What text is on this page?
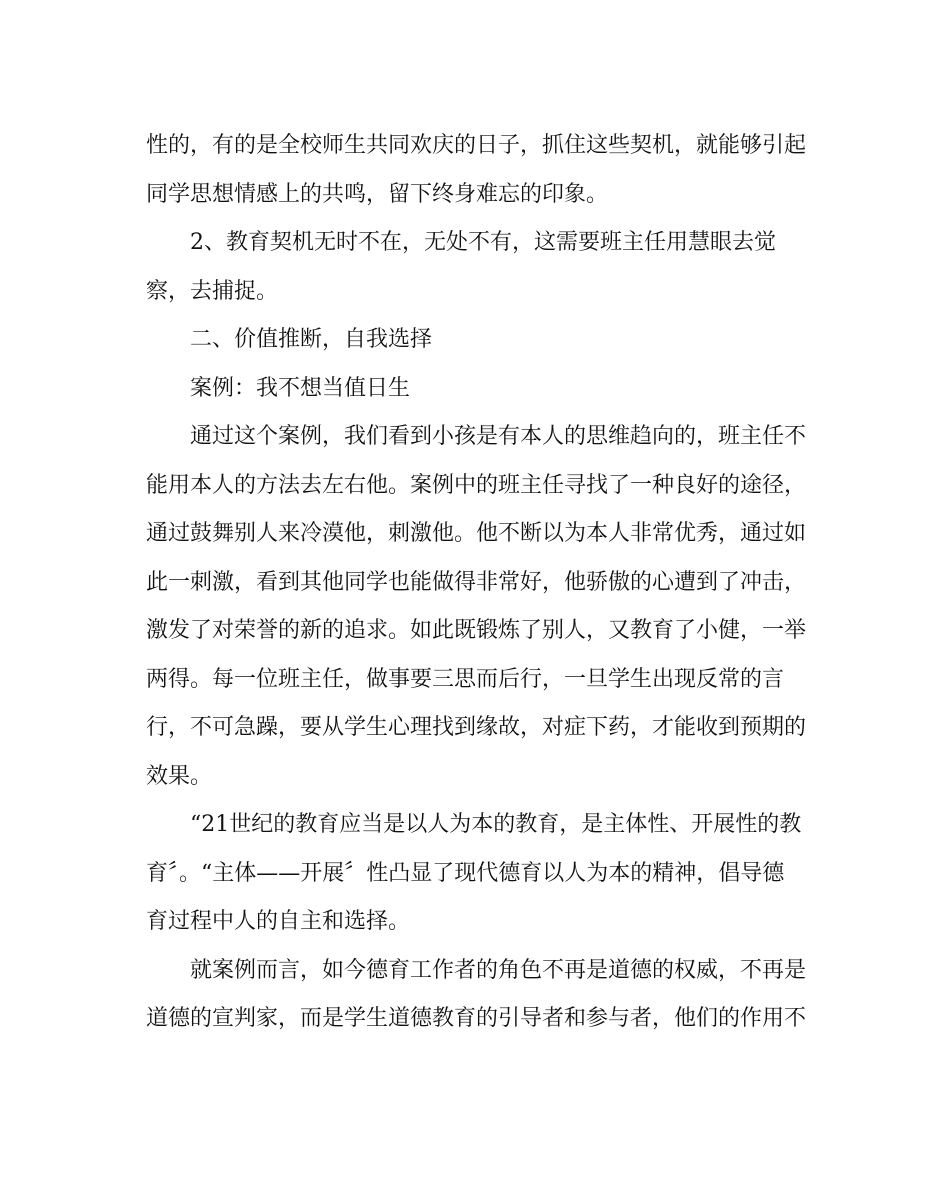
性的，有的是全校师生共同欢庆的日子，抓住这些契机，就能够引起
同学思想情感上的共鸣，留下终身难忘的印象。
2、教育契机无时不在，无处不有，这需要班主任用慧眼去觉
察，去捕捉。
二、价值推断，自我选择
案例：我不想当值日生
通过这个案例，我们看到小孩是有本人的思维趋向的，班主任不
能用本人的方法去左右他。案例中的班主任寻找了一种良好的途径，
通过鼓舞别人来冷漠他，刺激他。他不断以为本人非常优秀，通过如
此一刺激，看到其他同学也能做得非常好，他骄傲的心遭到了冲击，
激发了对荣誉的新的追求。如此既锻炼了别人，又教育了小健，一举
两得。每一位班主任，做事要三思而后行，一旦学生出现反常的言
行，不可急躁，要从学生心理找到缘故，对症下药，才能收到预期的
效果。
“21世纪的教育应当是以人为本的教育，是主体性、开展性的教
育〞。“主体——开展〞性凸显了现代德育以人为本的精神，倡导德
育过程中人的自主和选择。
就案例而言，如今德育工作者的角色不再是道德的权威，不再是
道德的宣判家，而是学生道德教育的引导者和参与者，他们的作用不
